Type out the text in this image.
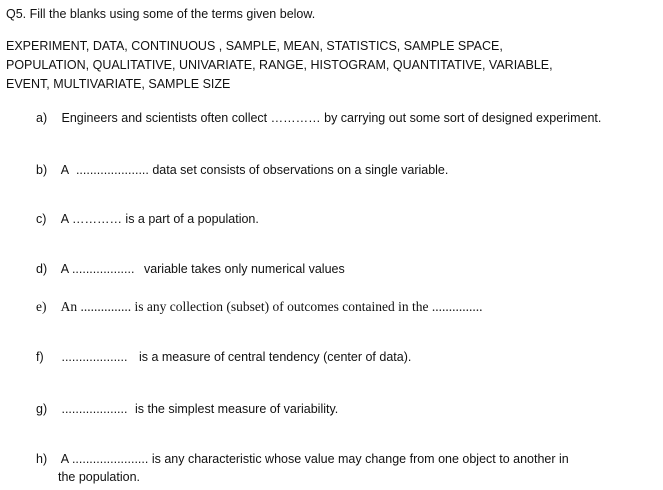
Q5. Fill the blanks using some of the terms given below.
EXPERIMENT, DATA, CONTINUOUS , SAMPLE, MEAN, STATISTICS, SAMPLE SPACE,
POPULATION, QUALITATIVE, UNIVARIATE, RANGE, HISTOGRAM, QUANTITATIVE, VARIABLE,
EVENT, MULTIVARIATE, SAMPLE SIZE
a) Engineers and scientists often collect ………… by carrying out some sort of designed experiment.
b) A ..................... data set consists of observations on a single variable.
c) A ………… is a part of a population.
d) A .................. variable takes only numerical values
e) An ............... is any collection (subset) of outcomes contained in the ...............
f) ................... is a measure of central tendency (center of data).
g) ................... is the simplest measure of variability.
h) A ...................... is any characteristic whose value may change from one object to another in
the population.
